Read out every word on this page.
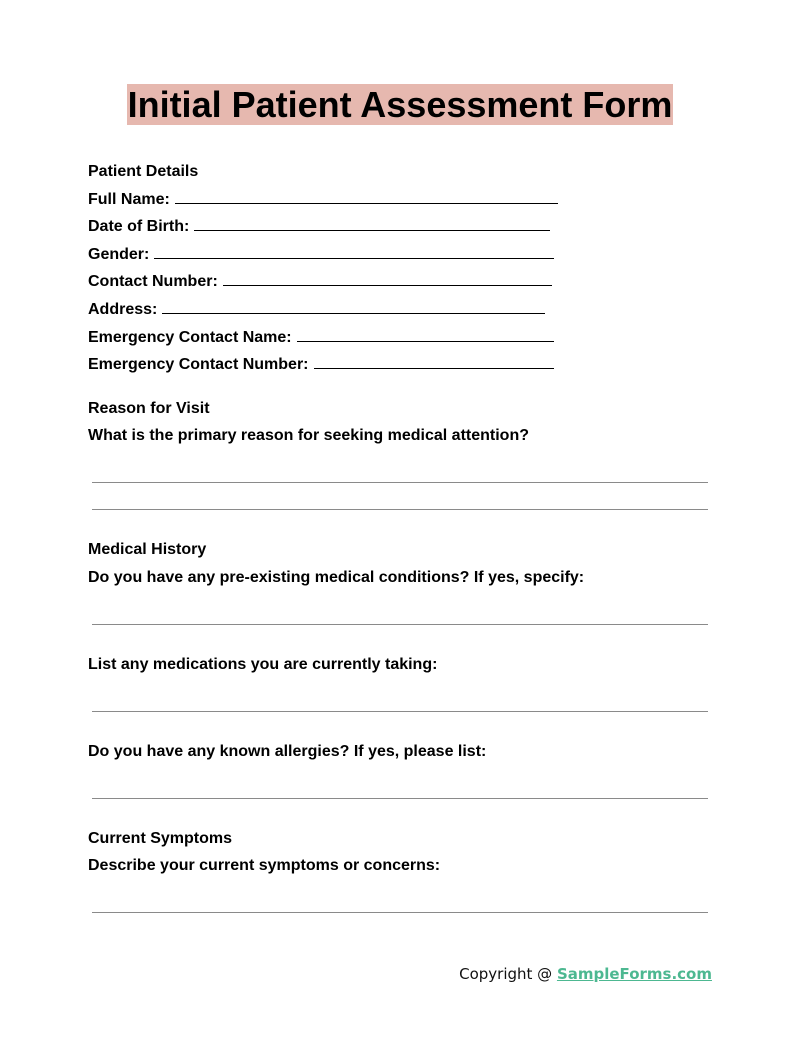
Initial Patient Assessment Form
Patient Details
Full Name:
Date of Birth:
Gender:
Contact Number:
Address:
Emergency Contact Name:
Emergency Contact Number:
Reason for Visit
What is the primary reason for seeking medical attention?
Medical History
Do you have any pre-existing medical conditions? If yes, specify:
List any medications you are currently taking:
Do you have any known allergies? If yes, please list:
Current Symptoms
Describe your current symptoms or concerns:
Copyright @ SampleForms.com
